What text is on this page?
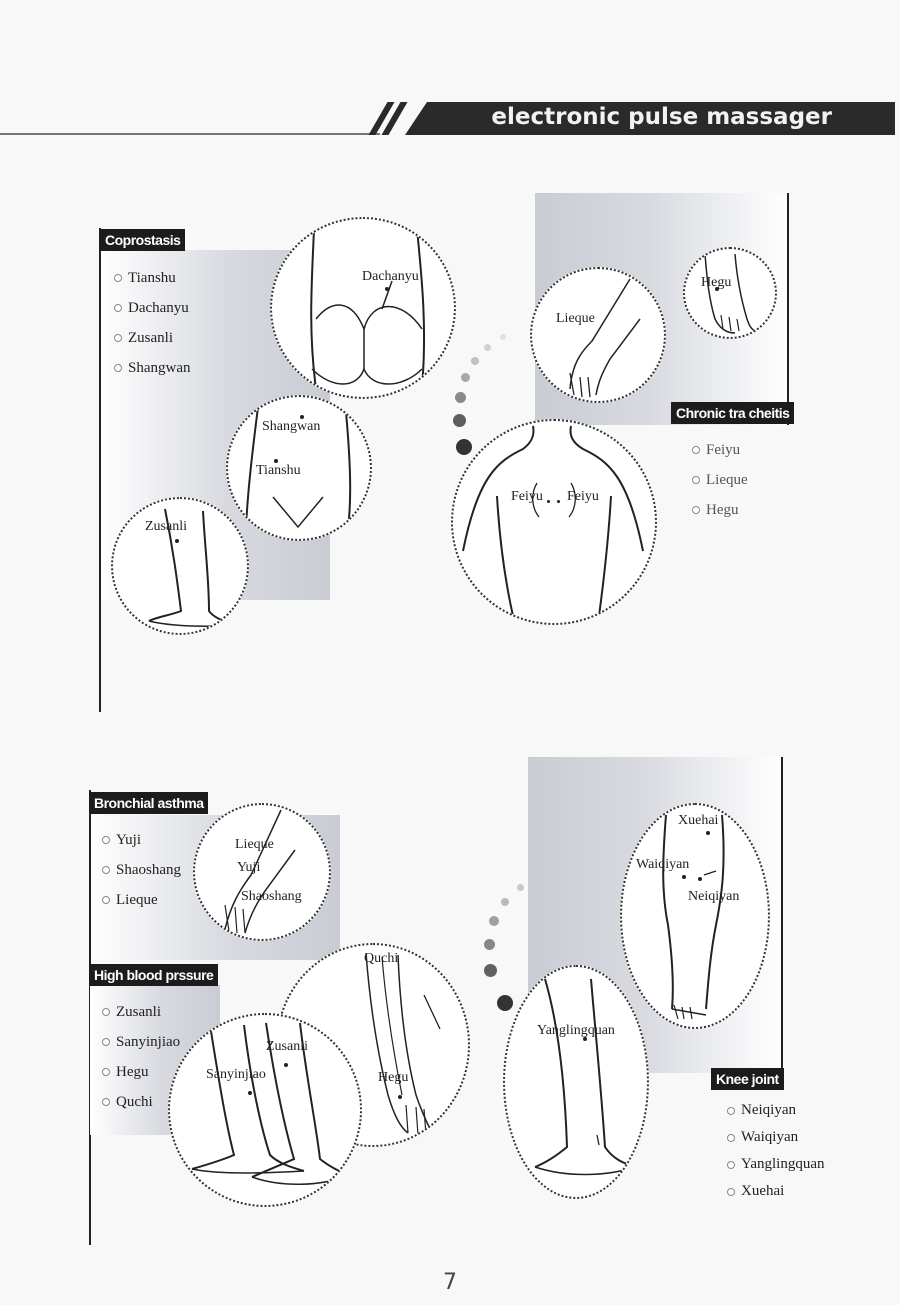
electronic pulse massager
Coprostasis
Tianshu
Dachanyu
Zusanli
Shangwan
Dachanyu
Shangwan
Tianshu
Zusanli
Lieque
Hegu
Chronic tra cheitis
Feiyu
Lieque
Hegu
Feiyu Feiyu
Bronchial asthma
Yuji
Shaoshang
Lieque
Lieque
Yuji
Shaoshang
High blood prssure
Zusanli
Sanyinjiao
Hegu
Quchi
Quchi
Hegu
Sanyinjiao
Zusanli
Xuehai
Waiqiyan
Neiqiyan
Yanglingquan
Knee joint
Neiqiyan
Waiqiyan
Yanglingquan
Xuehai
7
